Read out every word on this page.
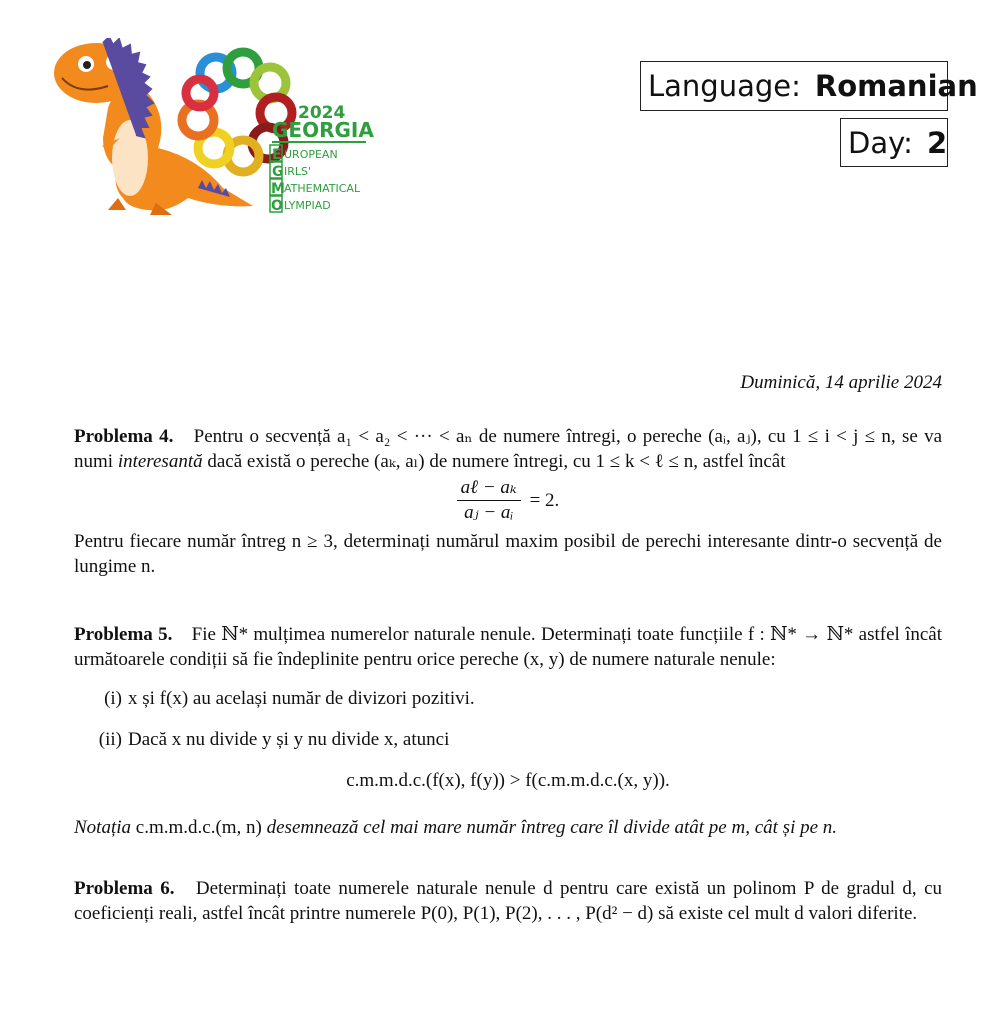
2024
GEORGIA
E UROPEAN
G IRLS'
M ATHEMATICAL
O LYMPIAD
Language: Romanian
Day: 2
Duminică, 14 aprilie 2024

Problema 4. Pentru o secvență a₁ < a₂ < ··· < aₙ de numere întregi, o pereche (aᵢ, aⱼ), cu 1 ≤ i < j ≤ n, se va numi interesantă dacă există o pereche (aₖ, aₗ) de numere întregi, cu 1 ≤ k < ℓ ≤ n, astfel încât

$\frac{\text{aℓ − aₖ}}{\text{aⱼ − aᵢ}} = 2$.

Pentru fiecare număr întreg n ≥ 3, determinați numărul maxim posibil de perechi interesante dintr-o secvență de lungime n.

Problema 5. Fie ℕ* mulțimea numerelor naturale nenule. Determinați toate funcțiile f : ℕ* → ℕ* astfel încât următoarele condiții să fie îndeplinite pentru orice pereche (x, y) de numere naturale nenule:

(i) x și f(x) au același număr de divizori pozitivi.
(ii) Dacă x nu divide y și y nu divide x, atunci
c.m.m.d.c.(f(x), f(y)) > f(c.m.m.d.c.(x, y)).

Notația c.m.m.d.c.(m, n) desemnează cel mai mare număr întreg care îl divide atât pe m, cât și pe n.

Problema 6. Determinați toate numerele naturale nenule d pentru care există un polinom P de gradul d, cu coeficienți reali, astfel încât printre numerele P(0), P(1), P(2), . . . , P(d² − d) să existe cel mult d valori diferite.
